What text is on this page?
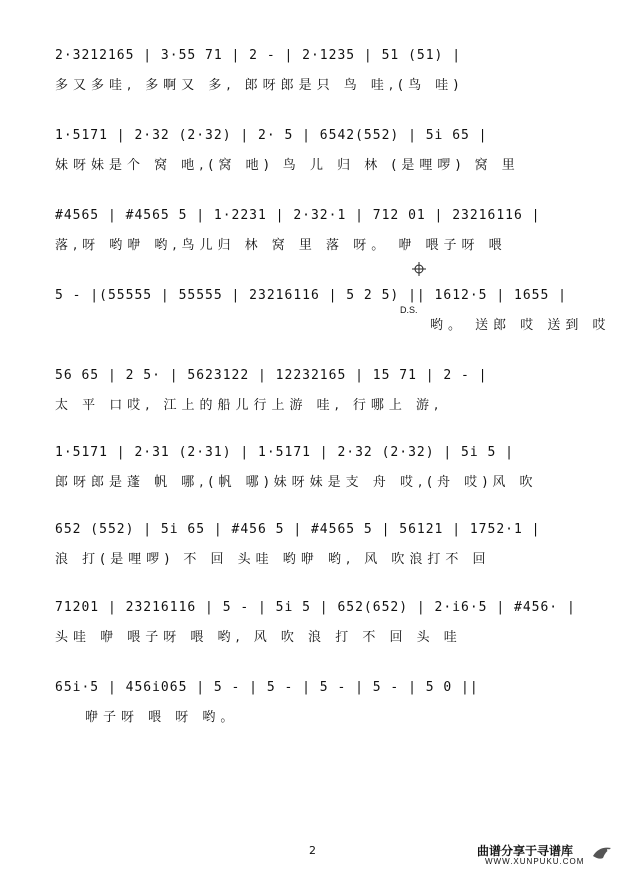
2·3212165 | 3·55 71 | 2 - | 2·1235 | 51 (51) |
多又多哇, 多啊又 多, 郎呀郎是只 鸟 哇,(鸟 哇)
1·5171 | 2·32 (2·32) | 2· 5 | 6542(552) | 5i 65 |
妹呀妹是个 窝 吔,(窝 吔) 鸟 儿 归 林 (是哩啰) 窝 里
#4565 | #4565 5 | 1·2231 | 2·32·1 | 712 01 | 23216116 |
落,呀 哟咿 哟,鸟儿归 林 窝 里 落 呀。 咿 喂子呀 喂
5 - |(55555 | 55555 | 23216116 | 5 2 5) || 1612·5 | 1655 |
哟。 送郎 哎 送到 哎
56 65 | 2 5· | 5623122 | 12232165 | 15 71 | 2 - |
太 平 口哎, 江上的船儿行上游 哇, 行哪上 游,
1·5171 | 2·31 (2·31) | 1·5171 | 2·32 (2·32) | 5i 5 |
郎呀郎是蓬 帆 哪,(帆 哪)妹呀妹是支 舟 哎,(舟 哎)风 吹
652 (552) | 5i 65 | #456 5 | #4565 5 | 56121 | 1752·1 |
浪 打(是哩啰) 不 回 头哇 哟咿 哟, 风 吹浪打不 回
71201 | 23216116 | 5 - | 5i 5 | 652(652) | 2·i6·5 | #456· |
头哇 咿 喂子呀 喂 哟, 风 吹 浪 打 不 回 头 哇
65i·5 | 456i065 | 5 - | 5 - | 5 - | 5 - | 5 0 ||
咿子呀 喂 呀 哟。
D.S.
2	曲谱分享于寻谱库
WWW.XUNPUKU.COM
